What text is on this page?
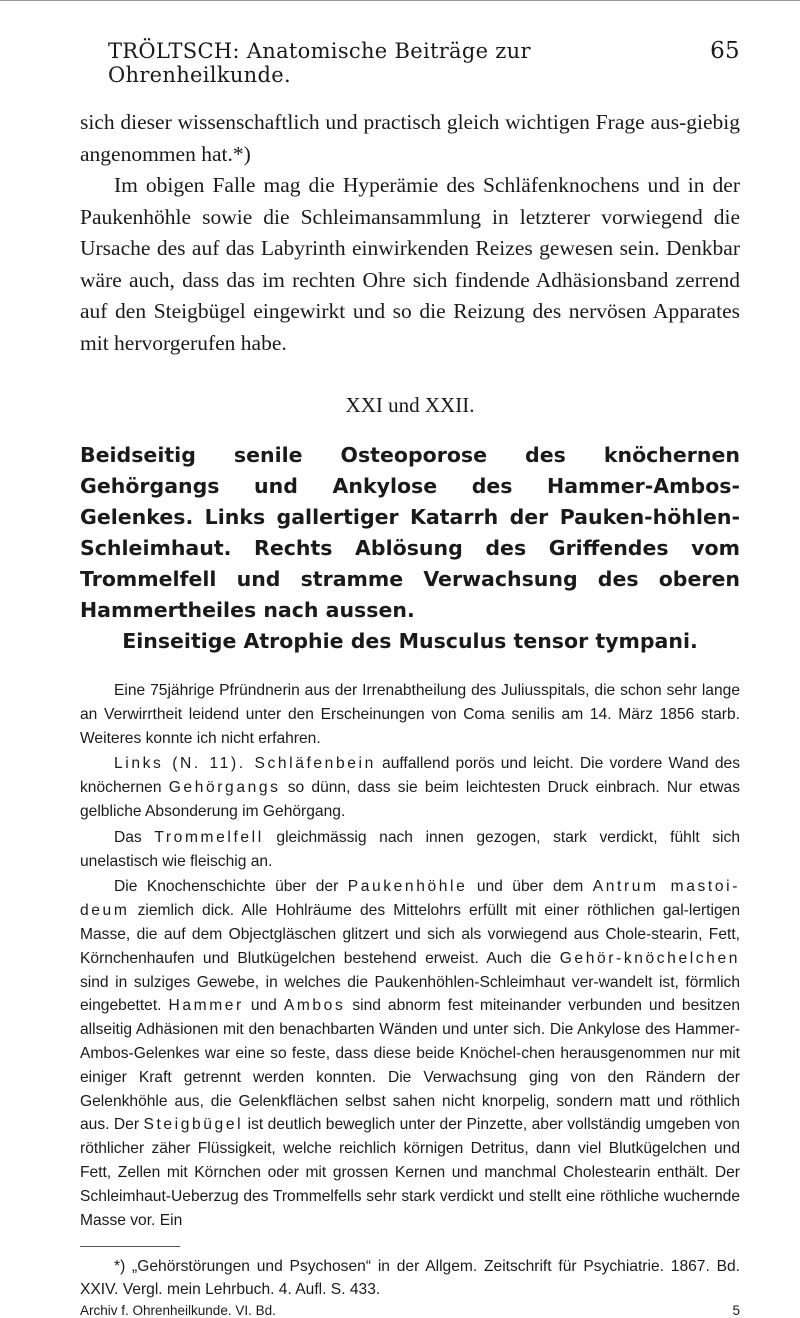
TRÖLTSCH: Anatomische Beiträge zur Ohrenheilkunde.
65

sich dieser wissenschaftlich und practisch gleich wichtigen Frage aus-giebig angenommen hat.*)

Im obigen Falle mag die Hyperämie des Schläfenknochens und in der Paukenhöhle sowie die Schleimansammlung in letzterer vorwiegend die Ursache des auf das Labyrinth einwirkenden Reizes gewesen sein. Denkbar wäre auch, dass das im rechten Ohre sich findende Adhäsionsband zerrend auf den Steigbügel eingewirkt und so die Reizung des nervösen Apparates mit hervorgerufen habe.

XXI und XXII.

Beidseitig senile Osteoporose des knöchernen Gehörgangs und Ankylose des Hammer-Ambos-Gelenkes. Links gallertiger Katarrh der Pauken-höhlen-Schleimhaut. Rechts Ablösung des Griffendes vom Trommelfell und stramme Verwachsung des oberen Hammertheiles nach aussen.

Einseitige Atrophie des Musculus tensor tympani.

Eine 75jährige Pfründnerin aus der Irrenabtheilung des Juliusspitals, die schon sehr lange an Verwirrtheit leidend unter den Erscheinungen von Coma senilis am 14. März 1856 starb. Weiteres konnte ich nicht erfahren.

Links (N. 11). Schläfenbein auffallend porös und leicht. Die vordere Wand des knöchernen Gehörgangs so dünn, dass sie beim leichtesten Druck einbrach. Nur etwas gelbliche Absonderung im Gehörgang.

Das Trommelfell gleichmässig nach innen gezogen, stark verdickt, fühlt sich unelastisch wie fleischig an.

Die Knochenschichte über der Paukenhöhle und über dem Antrum mastoi-deum ziemlich dick. Alle Hohlräume des Mittelohrs erfüllt mit einer röthlichen gal-lertigen Masse, die auf dem Objectgläschen glitzert und sich als vorwiegend aus Chole-stearin, Fett, Körnchenhaufen und Blutkügelchen bestehend erweist. Auch die Gehör-knöchelchen sind in sulziges Gewebe, in welches die Paukenhöhlen-Schleimhaut ver-wandelt ist, förmlich eingebettet. Hammer und Ambos sind abnorm fest miteinander verbunden und besitzen allseitig Adhäsionen mit den benachbarten Wänden und unter sich. Die Ankylose des Hammer-Ambos-Gelenkes war eine so feste, dass diese beide Knöchel-chen herausgenommen nur mit einiger Kraft getrennt werden konnten. Die Verwachsung ging von den Rändern der Gelenkhöhle aus, die Gelenkflächen selbst sahen nicht knorpelig, sondern matt und röthlich aus. Der Steigbügel ist deutlich beweglich unter der Pinzette, aber vollständig umgeben von röthlicher zäher Flüssigkeit, welche reichlich körnigen Detritus, dann viel Blutkügelchen und Fett, Zellen mit Körnchen oder mit grossen Kernen und manchmal Cholestearin enthält. Der Schleimhaut-Ueberzug des Trommelfells sehr stark verdickt und stellt eine röthliche wuchernde Masse vor. Ein

*) „Gehörstörungen und Psychosen“ in der Allgem. Zeitschrift für Psychiatrie. 1867. Bd. XXIV. Vergl. mein Lehrbuch. 4. Aufl. S. 433.

Archiv f. Ohrenheilkunde. VI. Bd.	5
